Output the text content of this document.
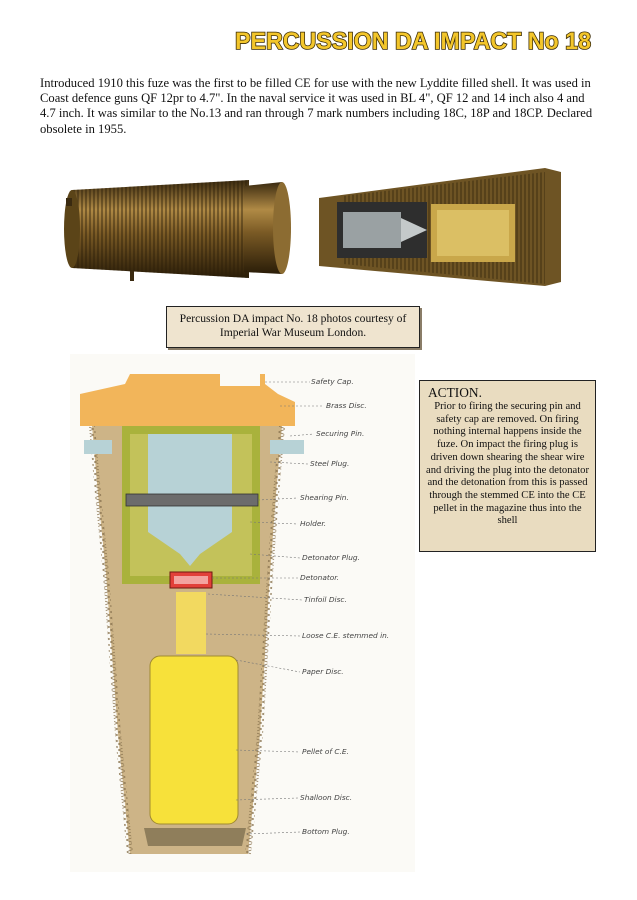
PERCUSSION DA IMPACT No 18

Introduced 1910 this fuze was the first to be filled CE for use with the new Lyddite filled shell. It was used in Coast defence guns QF 12pr to 4.7". In the naval service it was used in BL 4", QF 12 and 14 inch also 4 and 4.7 inch. It was similar to the No.13 and ran through 7 mark numbers including 18C, 18P and 18CP. Declared obsolete in 1955.

Percussion DA impact No. 18 photos courtesy of
Imperial War Museum London.
Safety Cap.
Brass Disc.
Securing Pin.
Steel Plug.
Shearing Pin.
Holder.
Detonator Plug.
Detonator.
Tinfoil Disc.
Loose C.E. stemmed in.
Paper Disc.
Pellet of C.E.
Shalloon Disc.
Bottom Plug.

ACTION.

Prior to firing the securing pin and safety cap are removed. On firing nothing internal happens inside the fuze. On impact the firing plug is driven down shearing the shear wire and driving the plug into the detonator and the detonation from this is passed through the stemmed CE into the CE pellet in the magazine thus into the shell
